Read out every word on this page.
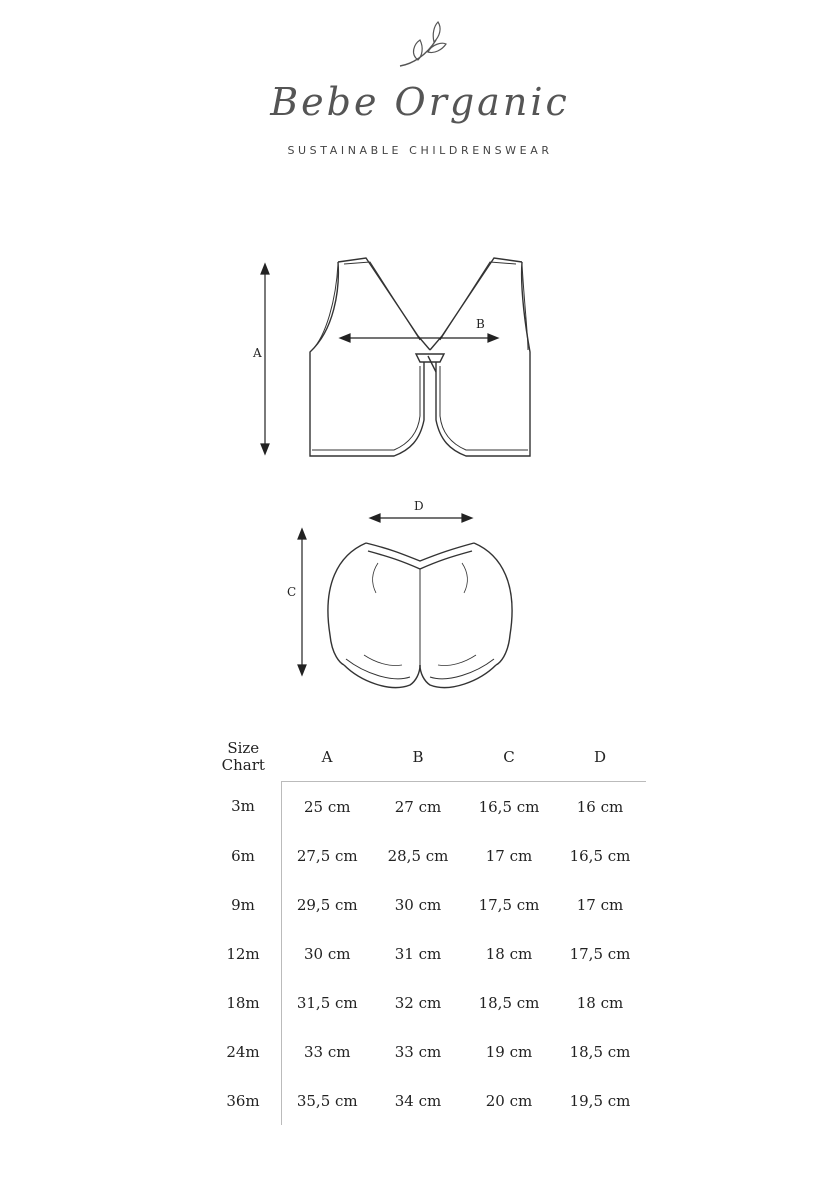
Bebe Organic
SUSTAINABLE CHILDRENSWEAR
A
B
C
D
Size
Chart	A	B	C	D
3m	25 cm	27 cm	16,5 cm	16 cm
6m	27,5 cm	28,5 cm	17 cm	16,5 cm
9m	29,5 cm	30 cm	17,5 cm	17 cm
12m	30 cm	31 cm	18 cm	17,5 cm
18m	31,5 cm	32 cm	18,5 cm	18 cm
24m	33 cm	33 cm	19 cm	18,5 cm
36m	35,5 cm	34 cm	20 cm	19,5 cm
